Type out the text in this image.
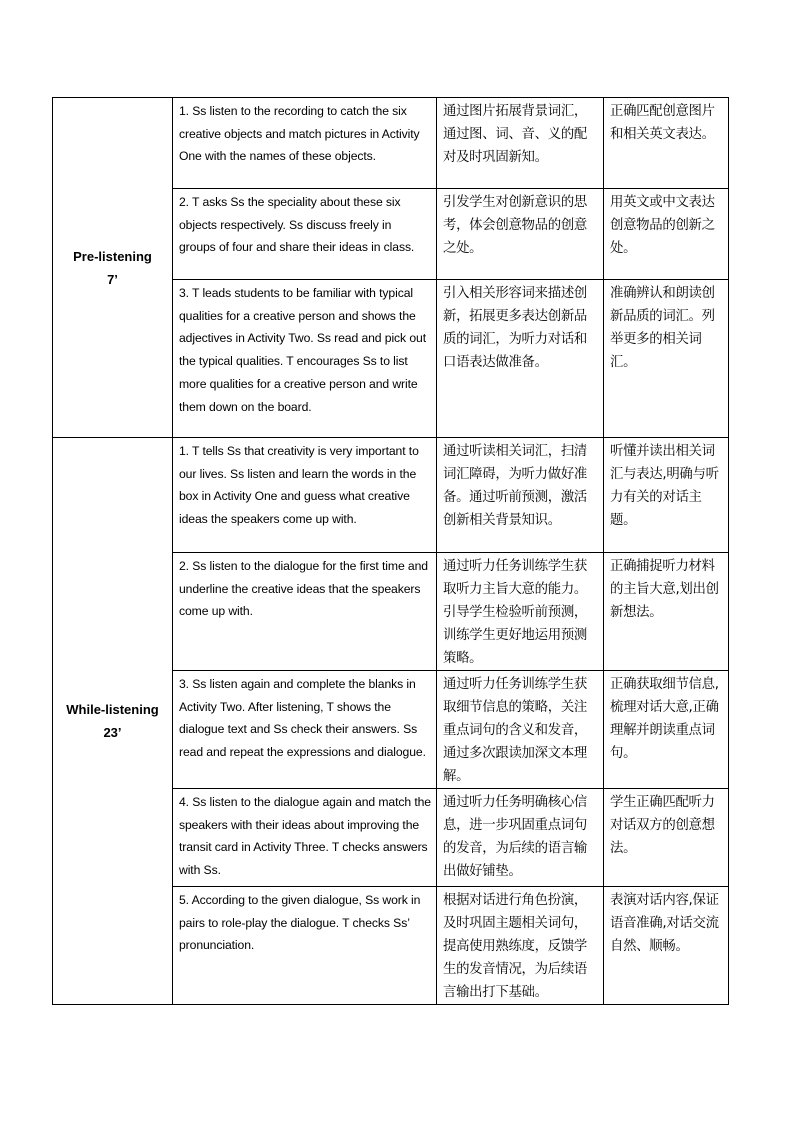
Pre-listening
7’	1. Ss listen to the recording to catch the six creative objects and match pictures in Activity One with the names of these objects.	通过图片拓展背景词汇，通过图、词、音、义的配对及时巩固新知。	正确匹配创意图片和相关英文表达。
	2. T asks Ss the speciality about these six objects respectively. Ss discuss freely in groups of four and share their ideas in class.	引发学生对创新意识的思考，体会创意物品的创意之处。	用英文或中文表达创意物品的创新之处。
	3. T leads students to be familiar with typical qualities for a creative person and shows the adjectives in Activity Two. Ss read and pick out the typical qualities. T encourages Ss to list more qualities for a creative person and write them down on the board.	引入相关形容词来描述创新，拓展更多表达创新品质的词汇，为听力对话和口语表达做准备。	准确辨认和朗读创新品质的词汇。列举更多的相关词汇。

While-listening
23’	1. T tells Ss that creativity is very important to our lives. Ss listen and learn the words in the box in Activity One and guess what creative ideas the speakers come up with.	通过听读相关词汇，扫清词汇障碍，为听力做好准备。通过听前预测，激活创新相关背景知识。	听懂并读出相关词汇与表达,明确与听力有关的对话主题。
	2. Ss listen to the dialogue for the first time and underline the creative ideas that the speakers come up with.	通过听力任务训练学生获取听力主旨大意的能力。引导学生检验听前预测，训练学生更好地运用预测策略。	正确捕捉听力材料的主旨大意,划出创新想法。
	3. Ss listen again and complete the blanks in Activity Two. After listening, T shows the dialogue text and Ss check their answers. Ss read and repeat the expressions and dialogue.	通过听力任务训练学生获取细节信息的策略，关注重点词句的含义和发音，通过多次跟读加深文本理解。	正确获取细节信息,梳理对话大意,正确理解并朗读重点词句。
	4. Ss listen to the dialogue again and match the speakers with their ideas about improving the transit card in Activity Three. T checks answers with Ss.	通过听力任务明确核心信息，进一步巩固重点词句的发音，为后续的语言输出做好铺垫。	学生正确匹配听力对话双方的创意想法。
	5. According to the given dialogue, Ss work in pairs to role-play the dialogue. T checks Ss’ pronunciation.	根据对话进行角色扮演，及时巩固主题相关词句，提高使用熟练度，反馈学生的发音情况，为后续语言输出打下基础。	表演对话内容,保证语音准确,对话交流自然、顺畅。
